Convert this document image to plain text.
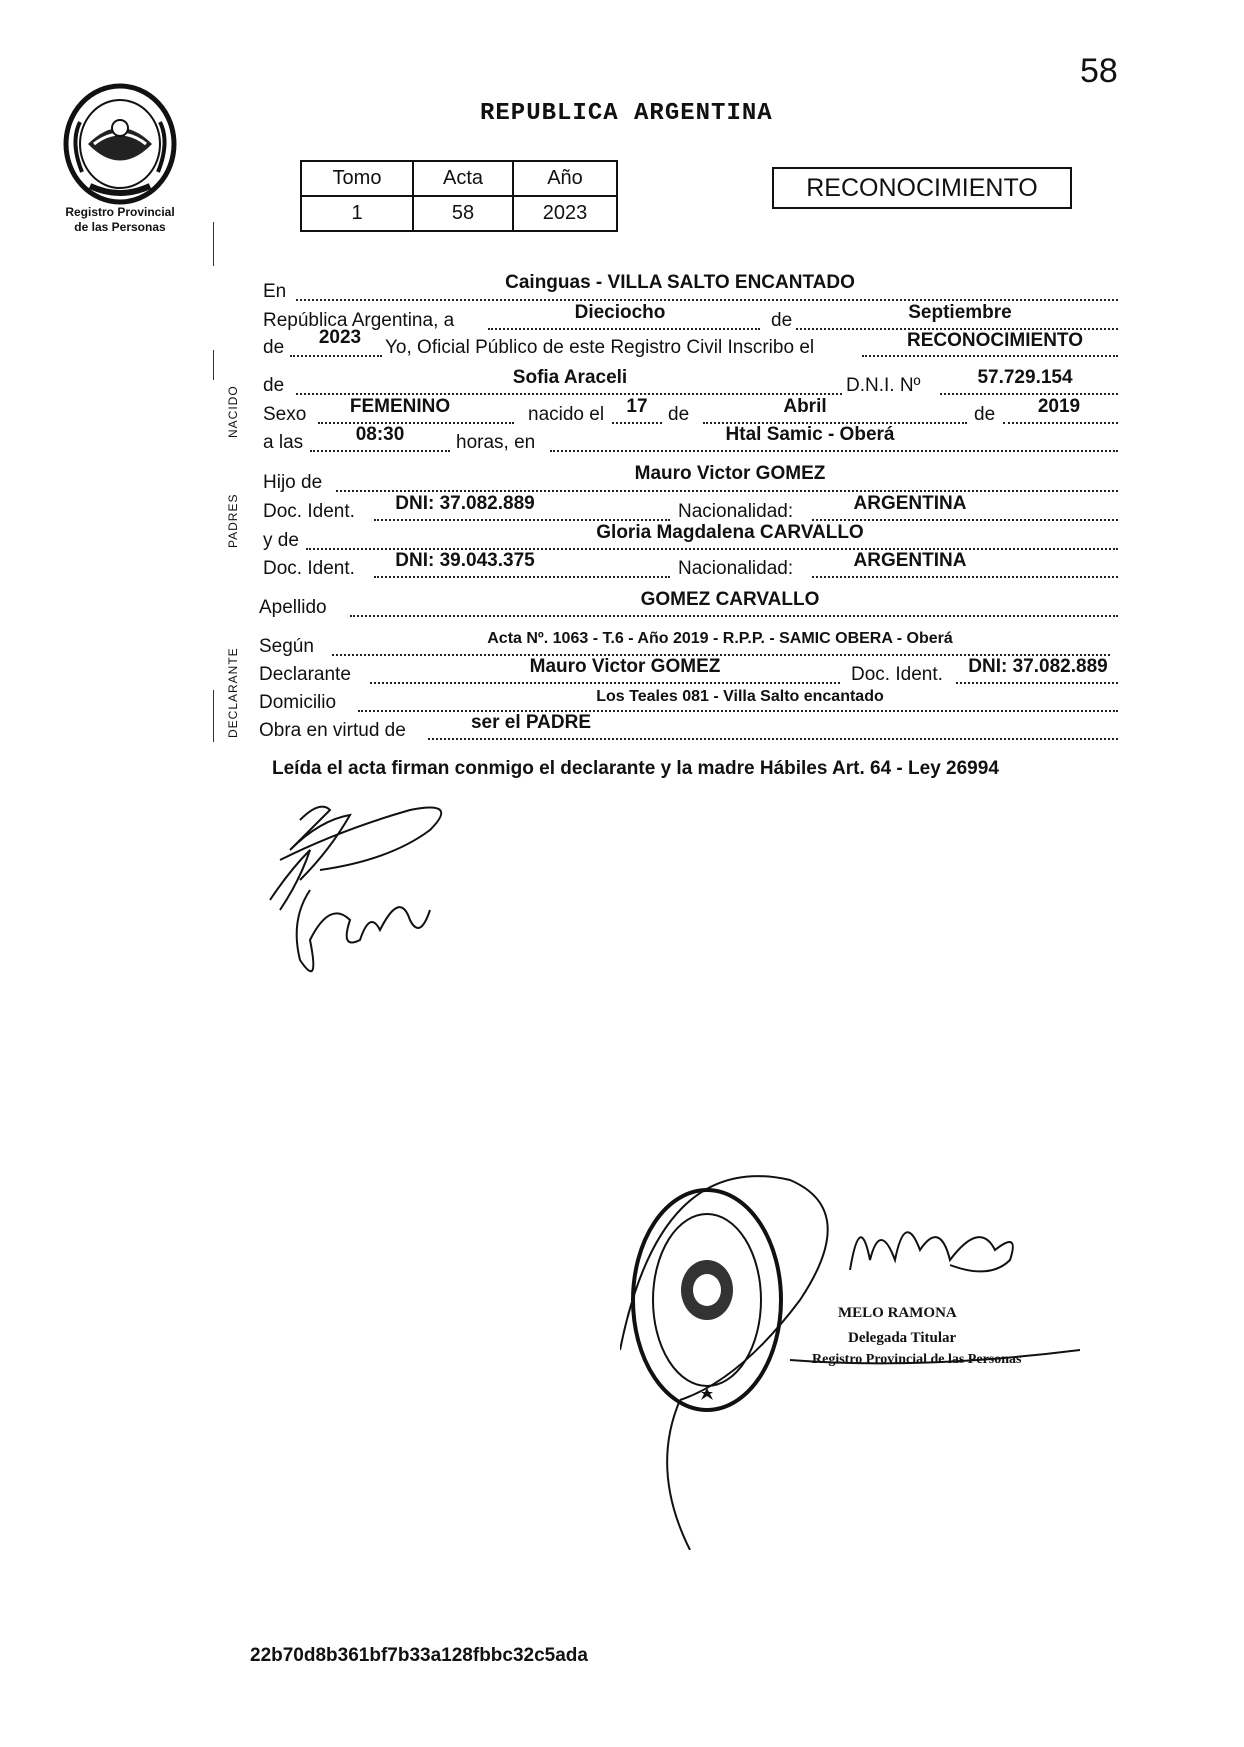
58
Registro Provincial
de las Personas
REPUBLICA ARGENTINA
Tomo	Acta	Año
1	58	2023
RECONOCIMIENTO
NACIDO
PADRES
DECLARANTE
En	Cainguas - VILLA SALTO ENCANTADO
República Argentina, a	Dieciocho	de	Septiembre
de	2023	Yo, Oficial Público de este Registro Civil Inscribo el	RECONOCIMIENTO
de	Sofia Araceli	D.N.I. Nº	57.729.154
Sexo	FEMENINO	nacido el	17	de	Abril	de	2019
a las	08:30	horas, en	Htal Samic - Oberá
Hijo de	Mauro Victor GOMEZ
Doc. Ident.	DNI: 37.082.889	Nacionalidad:	ARGENTINA
y de	Gloria Magdalena CARVALLO
Doc. Ident.	DNI: 39.043.375	Nacionalidad:	ARGENTINA
Apellido	GOMEZ CARVALLO
Según	Acta Nº. 1063 - T.6 - Año 2019 - R.P.P. - SAMIC OBERA - Oberá
Declarante	Mauro Victor GOMEZ	Doc. Ident.	DNI: 37.082.889
Domicilio	Los Teales 081 - Villa Salto encantado
Obra en virtud de	ser el PADRE
Leída el acta firman conmigo el declarante y la madre Hábiles Art. 64 - Ley 26994
MELO RAMONA
Delegada Titular
Registro Provincial de las Personas
22b70d8b361bf7b33a128fbbc32c5ada
